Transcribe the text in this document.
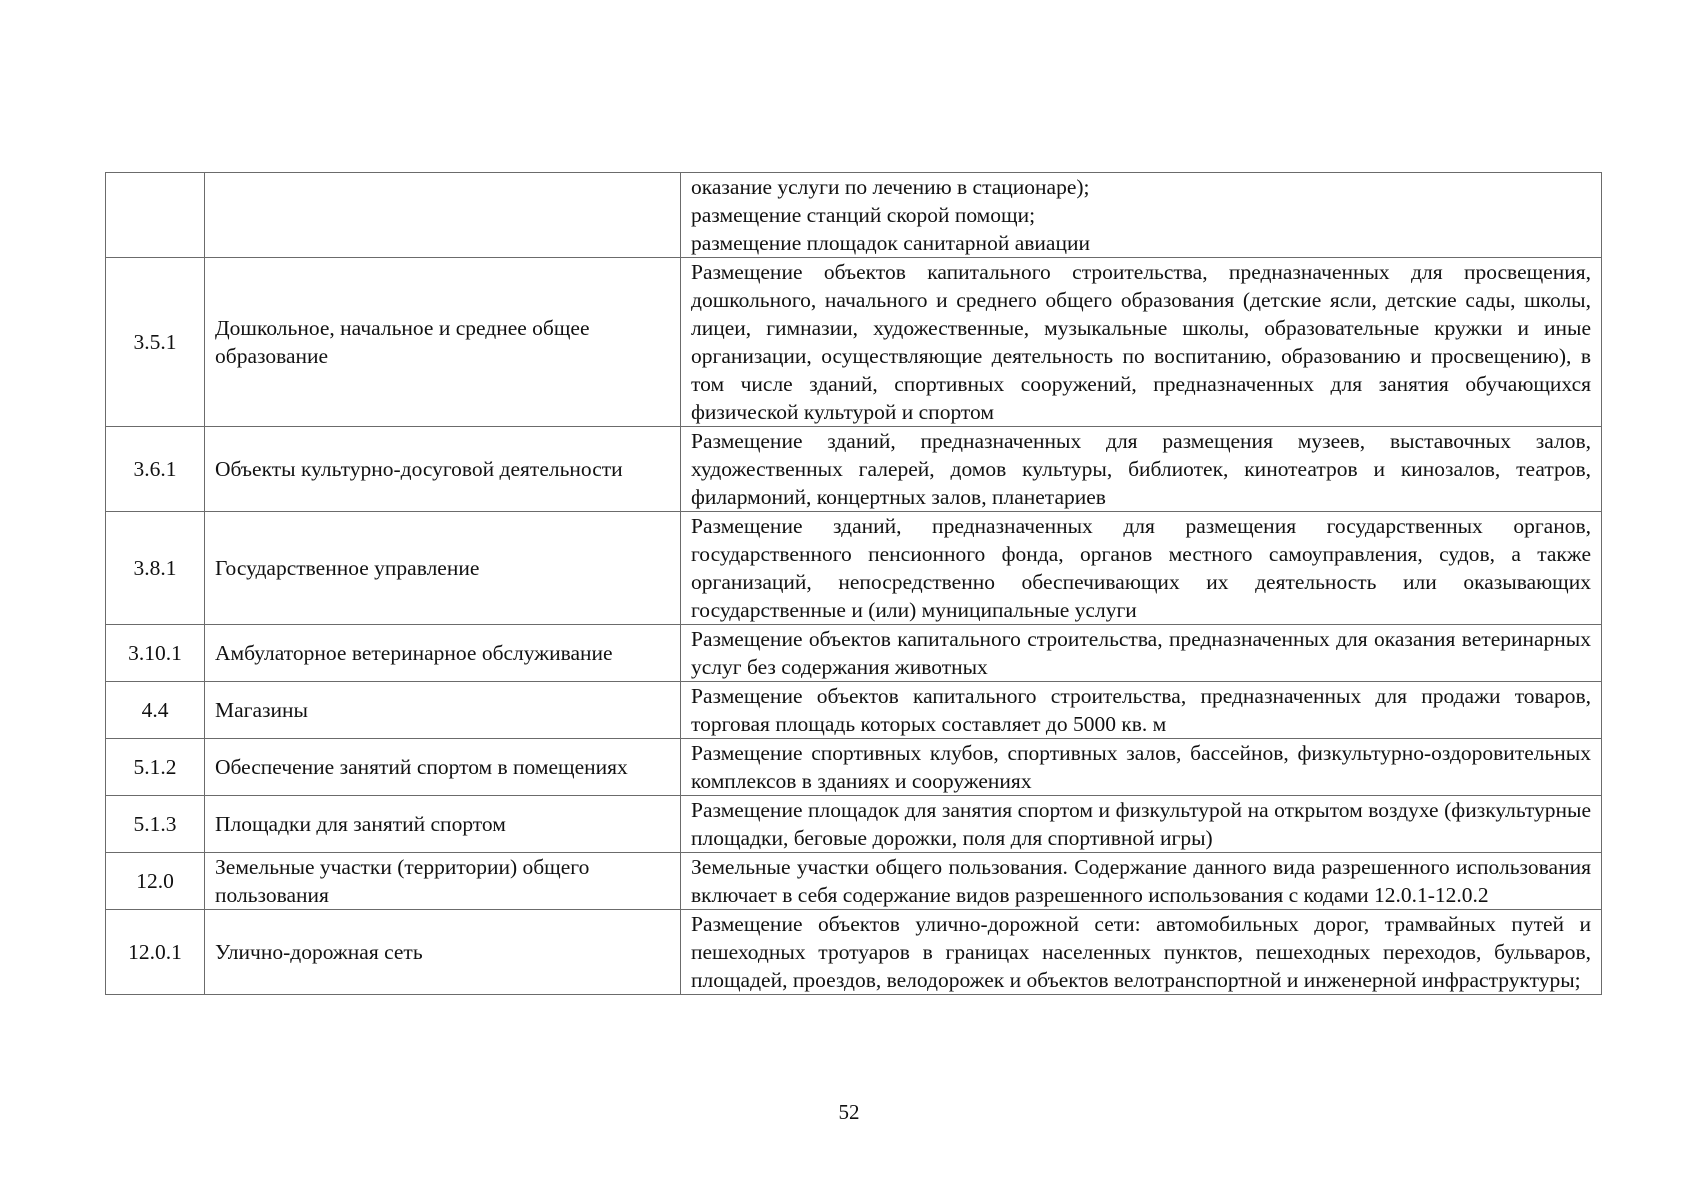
		оказание услуги по лечению в стационаре);
размещение станций скорой помощи;
размещение площадок санитарной авиации

3.5.1	Дошкольное, начальное и среднее общее образование	Размещение объектов капитального строительства, предназначенных для просвещения, дошкольного, начального и среднего общего образования (детские ясли, детские сады, школы, лицеи, гимназии, художественные, музыкальные школы, образовательные кружки и иные организации, осуществляющие деятельность по воспитанию, образованию и просвещению), в том числе зданий, спортивных сооружений, предназначенных для занятия обучающихся физической культурой и спортом
3.6.1	Объекты культурно-досуговой деятельности	Размещение зданий, предназначенных для размещения музеев, выставочных залов, художественных галерей, домов культуры, библиотек, кинотеатров и кинозалов, театров, филармоний, концертных залов, планетариев
3.8.1	Государственное управление	Размещение зданий, предназначенных для размещения государственных органов, государственного пенсионного фонда, органов местного самоуправления, судов, а также организаций, непосредственно обеспечивающих их деятельность или оказывающих государственные и (или) муниципальные услуги
3.10.1	Амбулаторное ветеринарное обслуживание	Размещение объектов капитального строительства, предназначенных для оказания ветеринарных услуг без содержания животных
4.4	Магазины	Размещение объектов капитального строительства, предназначенных для продажи товаров, торговая площадь которых составляет до 5000 кв. м
5.1.2	Обеспечение занятий спортом в помещениях	Размещение спортивных клубов, спортивных залов, бассейнов, физкультурно-оздоровительных комплексов в зданиях и сооружениях
5.1.3	Площадки для занятий спортом	Размещение площадок для занятия спортом и физкультурой на открытом воздухе (физкультурные площадки, беговые дорожки, поля для спортивной игры)
12.0	Земельные участки (территории) общего пользования	Земельные участки общего пользования. Содержание данного вида разрешенного использования включает в себя содержание видов разрешенного использования с кодами 12.0.1-12.0.2
12.0.1	Улично-дорожная сеть	Размещение объектов улично-дорожной сети: автомобильных дорог, трамвайных путей и пешеходных тротуаров в границах населенных пунктов, пешеходных переходов, бульваров, площадей, проездов, велодорожек и объектов велотранспортной и инженерной инфраструктуры;
52
